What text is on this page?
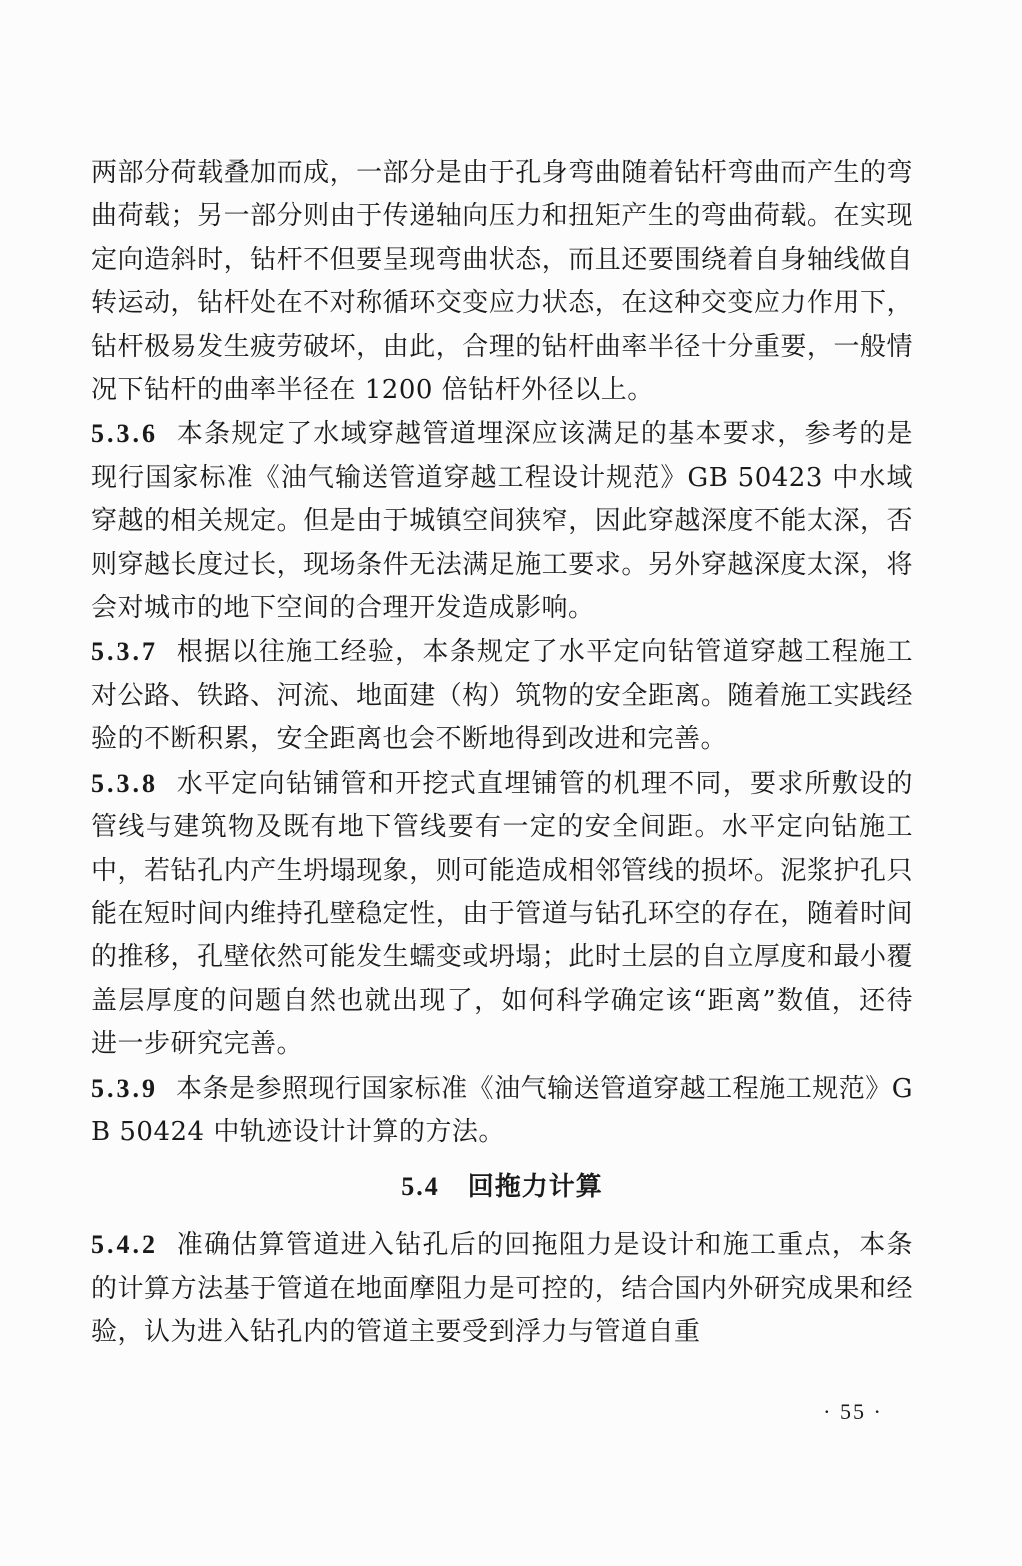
两部分荷载叠加而成，一部分是由于孔身弯曲随着钻杆弯曲而产生的弯曲荷载；另一部分则由于传递轴向压力和扭矩产生的弯曲荷载。在实现定向造斜时，钻杆不但要呈现弯曲状态，而且还要围绕着自身轴线做自转运动，钻杆处在不对称循环交变应力状态，在这种交变应力作用下，钻杆极易发生疲劳破坏，由此，合理的钻杆曲率半径十分重要，一般情况下钻杆的曲率半径在 1200 倍钻杆外径以上。

5.3.6 本条规定了水域穿越管道埋深应该满足的基本要求，参考的是现行国家标准《油气输送管道穿越工程设计规范》GB 50423 中水域穿越的相关规定。但是由于城镇空间狭窄，因此穿越深度不能太深，否则穿越长度过长，现场条件无法满足施工要求。另外穿越深度太深，将会对城市的地下空间的合理开发造成影响。

5.3.7 根据以往施工经验，本条规定了水平定向钻管道穿越工程施工对公路、铁路、河流、地面建（构）筑物的安全距离。随着施工实践经验的不断积累，安全距离也会不断地得到改进和完善。

5.3.8 水平定向钻铺管和开挖式直埋铺管的机理不同，要求所敷设的管线与建筑物及既有地下管线要有一定的安全间距。水平定向钻施工中，若钻孔内产生坍塌现象，则可能造成相邻管线的损坏。泥浆护孔只能在短时间内维持孔壁稳定性，由于管道与钻孔环空的存在，随着时间的推移，孔壁依然可能发生蠕变或坍塌；此时土层的自立厚度和最小覆盖层厚度的问题自然也就出现了，如何科学确定该“距离”数值，还待进一步研究完善。

5.3.9 本条是参照现行国家标准《油气输送管道穿越工程施工规范》GB 50424 中轨迹设计计算的方法。

5.4 回拖力计算

5.4.2 准确估算管道进入钻孔后的回拖阻力是设计和施工重点，本条的计算方法基于管道在地面摩阻力是可控的，结合国内外研究成果和经验，认为进入钻孔内的管道主要受到浮力与管道自重

· 55 ·
